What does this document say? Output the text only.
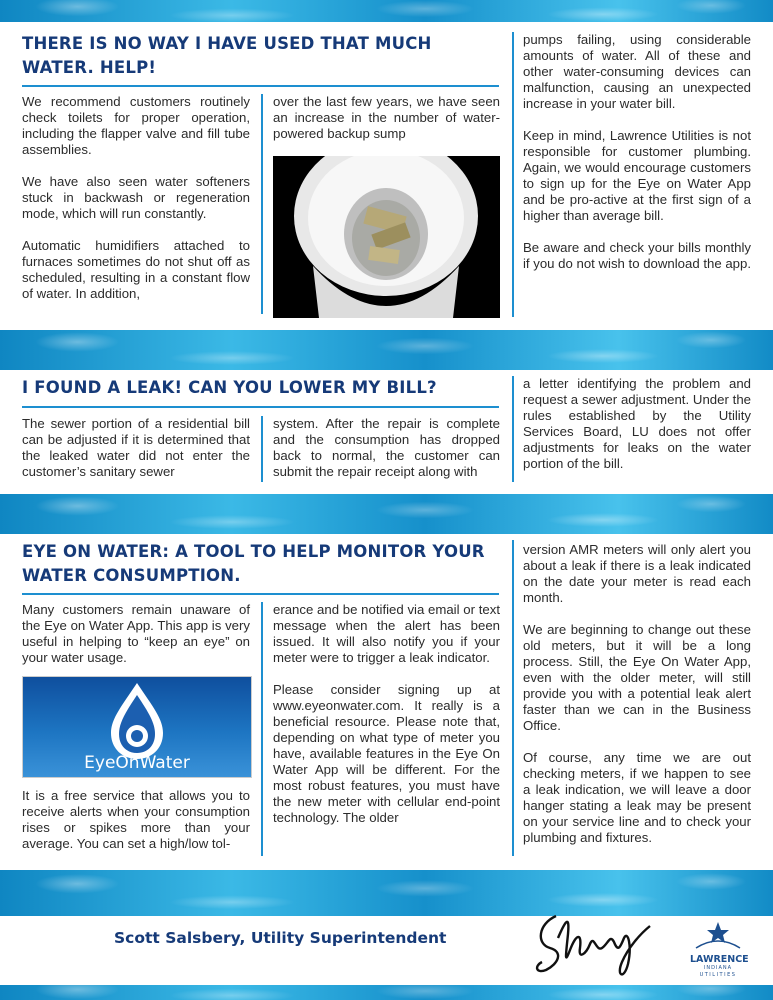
THERE IS NO WAY I HAVE USED THAT MUCH WATER. HELP!

We recommend customers routinely check toilets for proper operation, including the flapper valve and fill tube assemblies.

We have also seen water softeners stuck in backwash or regeneration mode, which will run constantly.

Automatic humidifiers attached to furnaces sometimes do not shut off as scheduled, resulting in a constant flow of water. In addition,

over the last few years, we have seen an increase in the number of water-powered backup sump

pumps failing, using considerable amounts of water. All of these and other water-consuming devices can malfunction, causing an unexpected increase in your water bill.

Keep in mind, Lawrence Utilities is not responsible for customer plumbing. Again, we would encourage customers to sign up for the Eye on Water App and be pro-active at the first sign of a higher than average bill.

Be aware and check your bills monthly if you do not wish to download the app.

I FOUND A LEAK! CAN YOU LOWER MY BILL?

The sewer portion of a residential bill can be adjusted if it is determined that the leaked water did not enter the customer’s sanitary sewer

system. After the repair is complete and the consumption has dropped back to normal, the customer can submit the repair receipt along with

a letter identifying the problem and request a sewer adjustment. Under the rules established by the Utility Services Board, LU does not offer adjustments for leaks on the water portion of the bill.

EYE ON WATER: A TOOL TO HELP MONITOR YOUR WATER CONSUMPTION.

Many customers remain unaware of the Eye on Water App. This app is very useful in helping to “keep an eye” on your water usage.

EyeOnWater

It is a free service that allows you to receive alerts when your consumption rises or spikes more than your average. You can set a high/low tol-

erance and be notified via email or text message when the alert has been issued. It will also notify you if your meter were to trigger a leak indicator.

Please consider signing up at www.eyeonwater.com. It really is a beneficial resource. Please note that, depending on what type of meter you have, available features in the Eye On Water App will be different. For the most robust features, you must have the new meter with cellular end-point technology. The older

version AMR meters will only alert you about a leak if there is a leak indicated on the date your meter is read each month.

We are beginning to change out these old meters, but it will be a long process. Still, the Eye On Water App, even with the older meter, will still provide you with a potential leak alert faster than we can in the Business Office.

Of course, any time we are out checking meters, if we happen to see a leak indication, we will leave a door hanger stating a leak may be present on your service line and to check your plumbing and fixtures.

Scott Salsbery, Utility Superintendent
LAWRENCE
INDIANA
UTILITIES
